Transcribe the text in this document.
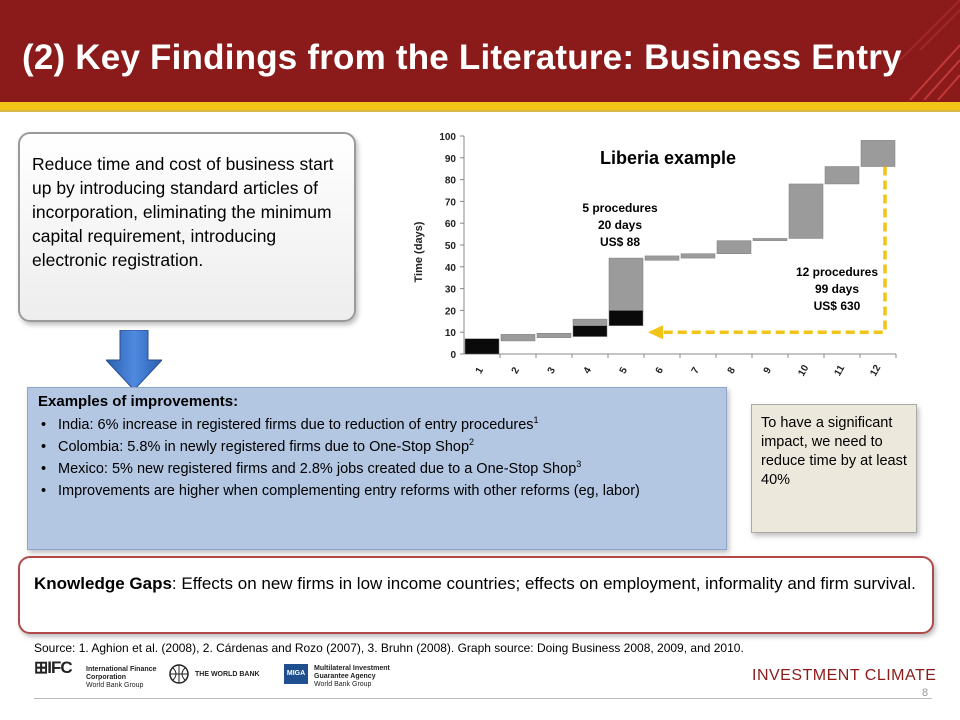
(2) Key Findings from the Literature: Business Entry
Reduce time and cost of business start up by introducing standard articles of incorporation, eliminating the minimum capital requirement, introducing electronic registration.
0
10
20
30
40
50
60
70
80
90
100
1 2 3 4 5 6 7 8 9 10 11 12
Time (days)
Liberia example
5 procedures
20 days
US$ 88
12 procedures
99 days
US$ 630
Examples of improvements:
• India: 6% increase in registered firms due to reduction of entry procedures$^1$
• Colombia: 5.8% in newly registered firms due to One-Stop Shop$^2$
• Mexico: 5% new registered firms and 2.8% jobs created due to a One-Stop Shop$^3$
• Improvements are higher when complementing entry reforms with other reforms (eg, labor)
To have a significant impact, we need to reduce time by at least 40%
Knowledge Gaps: Effects on new firms in low income countries; effects on employment, informality and firm survival.
Source: 1. Aghion et al. (2008), 2. Cárdenas and Rozo (2007), 3. Bruhn (2008). Graph source: Doing Business 2008, 2009, and 2010.
⊞IFC International Finance Corporation
World Bank Group
THE WORLD BANK	MIGA
Multilateral Investment Guarantee Agency
World Bank Group
INVESTMENT CLIMATE
8
